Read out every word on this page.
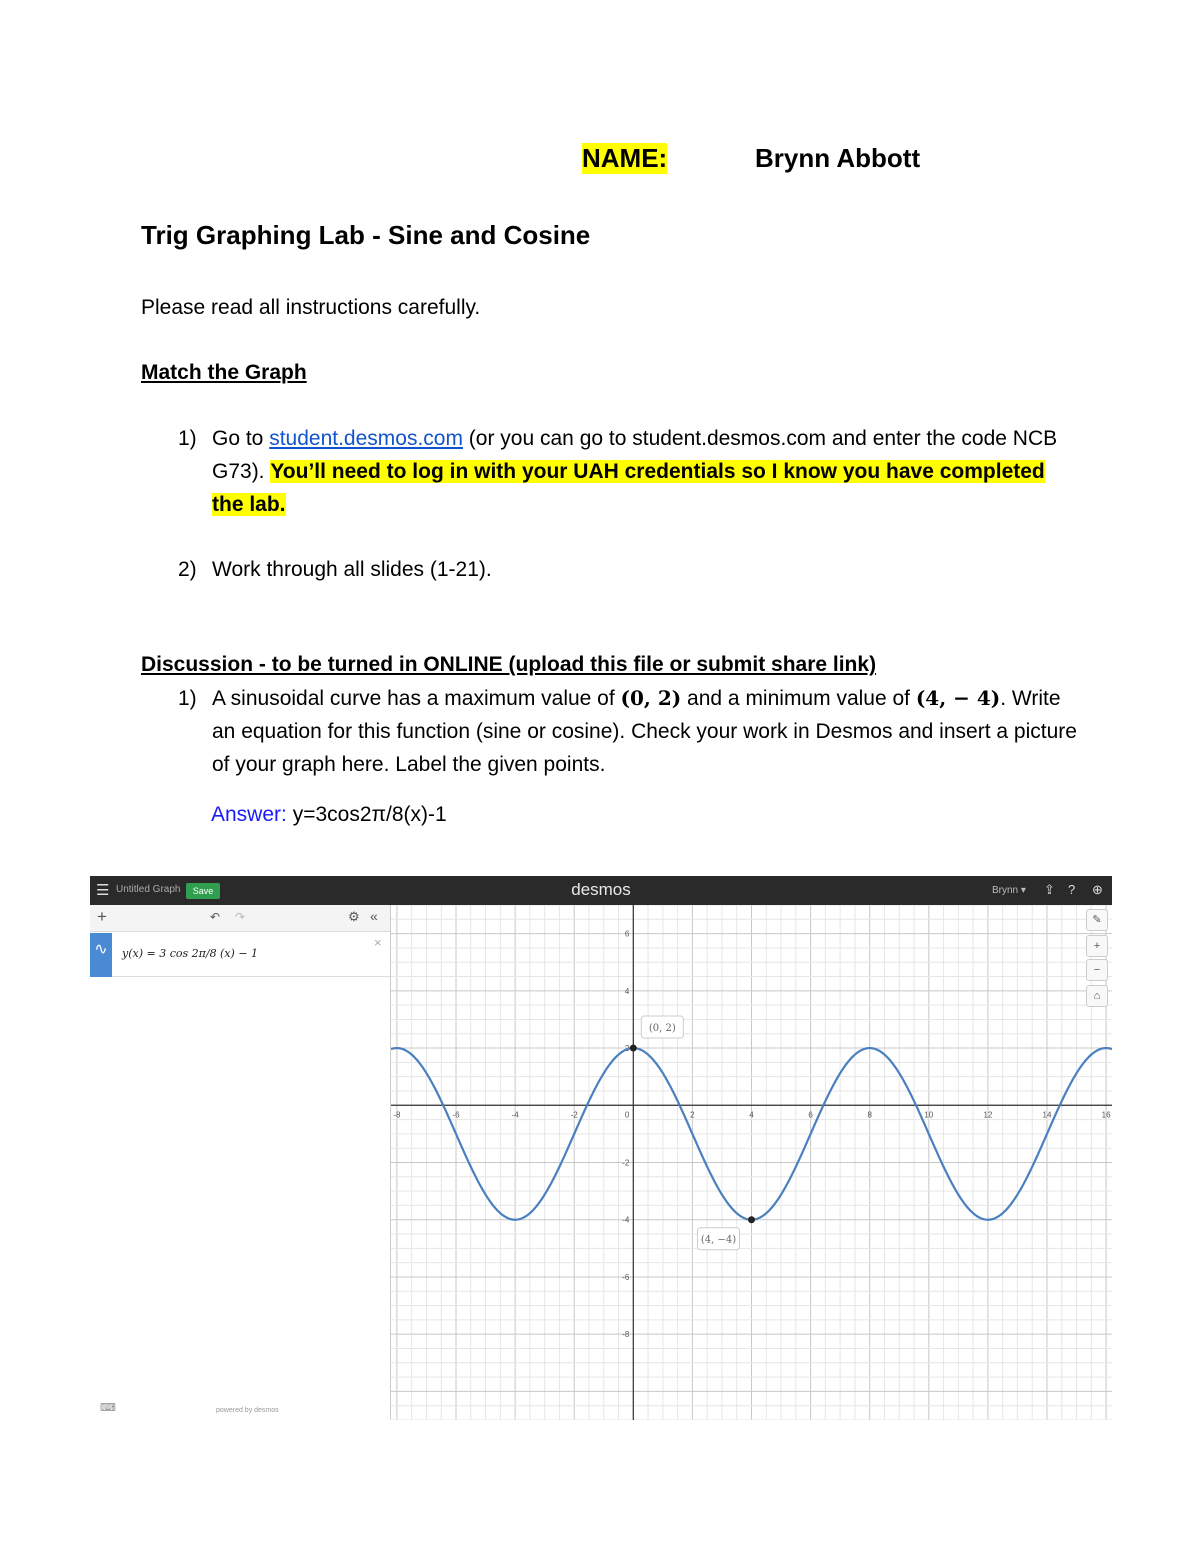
NAME:	Brynn Abbott
Trig Graphing Lab - Sine and Cosine
Please read all instructions carefully.
Match the Graph
1) Go to student.desmos.com (or you can go to student.desmos.com and enter the code NCB G73). You’ll need to log in with your UAH credentials so I know you have completed the lab.
2) Work through all slides (1-21).
Discussion - to be turned in ONLINE (upload this file or submit share link)
1) A sinusoidal curve has a maximum value of (0, 2) and a minimum value of (4, − 4). Write an equation for this function (sine or cosine). Check your work in Desmos and insert a picture of your graph here. Label the given points.
Answer: y=3cos2π/8(x)-1
☰ Untitled Graph	Save	desmos	Brynn ▾ ⇪ ? ⊕
+	↶ ↷	⚙ «
∿	y(x) = 3 cos 2π/8 (x) − 1
×
⌨	powered by desmos
-8	-6	-4	-2	2	4	6	8	10	12	14	16
6
4
2
-2
-4
-6
-8
0
(0, 2)
(4, −4)
✎
+
−
⌂
